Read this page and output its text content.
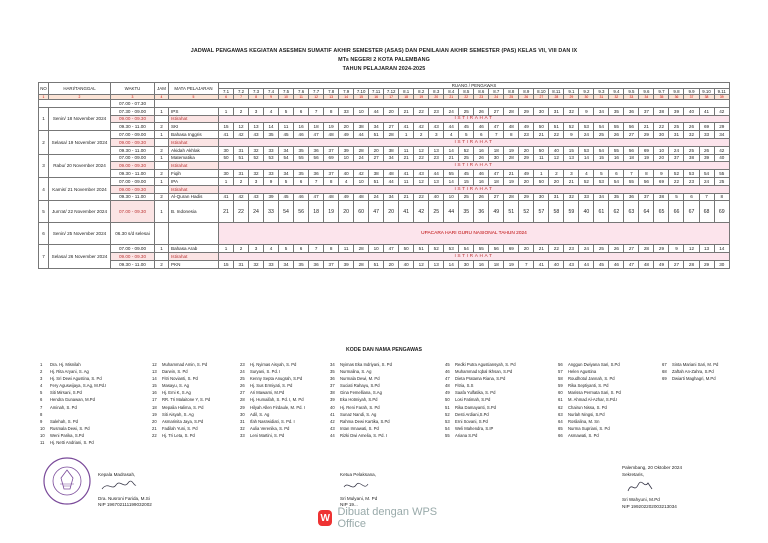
JADWAL PENGAWAS KEGIATAN ASESMEN SUMATIF AKHIR SEMESTER (ASAS) DAN PENILAIAN AKHIR SEMESTER (PAS) KELAS VII, VIII DAN IX
MTs NEGERI 2 KOTA PALEMBANG
TAHUN PELAJARAN 2024-2025
NO	HARI/TANGGAL	WAKTU	JAM	MATA PELAJARAN	RUANG / PENGAWAS																																	
					7.1	7.2	7.3	7.4	7.5	7.6	7.7	7.8	7.9	7.10	7.11	7.12	8.1	8.2	8.3	8.4	8.5	8.6	8.7	8.8	8.9	8.10	8.11	9.1	9.2	9.3	9.4	9.5	9.6	9.7	9.8	9.9	9.10	9.11
1	2	3	4	5	6	7	8	9	10	11	12	13	14	15	16	17	18	19	20	21	22	23	24	25	26	27	28	29	30	31	32	33	34	35	36	37	38	39
		07.00 - 07.30																																				
1	Senin/ 18 November 2024	07.30 - 09.00	1	IPS	1	2	3	4	5	6	7	8	33	10	44	20	21	22	23	24	25	26	27	28	29	30	31	32	9	34	35	36	37	38	39	40	41	42
		09.00 - 09.30		Istirahat	ISTIRAHAT																																	
		09.30 - 11.00	2	SKI	15	12	13	14	11	16	18	19	20	38	34	27	41	42	43	44	45	46	47	48	49	50	51	52	53	54	55	56	21	22	25	26	69	29
2	Selasa/ 19 November 2024	07.00 - 09.00	1	Bahasa Inggris	41	42	43	35	45	46	47	48	49	44	51	28	1	2	3	4	5	6	7	8	23	21	22	9	24	25	26	27	29	30	31	32	33	34
		09.00 - 09.30		Istirahat	ISTIRAHAT																																	
		09.30 - 11.00	2	Akidah Akhlak	30	31	32	33	34	35	36	37	39	28	20	38	11	12	13	14	52	16	18	19	20	50	40	15	53	54	55	56	69	10	24	25	26	42
3	Rabu/ 20 November 2024	07.00 - 09.00	1	Matematika	50	51	52	53	54	55	56	69	10	24	27	34	21	22	23	21	25	26	30	28	29	11	12	13	14	15	16	18	19	20	37	38	39	40
		09.00 - 09.30		Istirahat	ISTIRAHAT																																	
		09.30 - 11.00	2	Fiqih	30	31	32	33	34	35	36	37	40	42	38	48	41	43	44	55	45	46	47	21	49	1	2	3	4	5	6	7	8	9	52	53	54	55
4	Kamis/ 21 November 2024	07.00 - 09.00	1	IPA	1	2	3	9	5	6	7	8	4	10	51	44	11	12	13	14	15	16	18	19	20	50	20	21	52	53	54	55	56	69	22	23	24	25
		09.00 - 09.30		Istirahat	ISTIRAHAT																																	
		09.30 - 11.00	2	Al-Quran Hadis	41	42	43	39	45	46	47	48	49	48	24	34	21	22	40	10	25	26	27	28	29	30	31	32	33	34	35	36	37	38	5	6	7	8
5	Jum'at/ 22 November 2024	07.00 - 09.30	1	B. Indonesia	21	22	24	33	54	56	18	19	20	60	47	20	41	42	25	44	35	36	49	51	52	57	58	59	40	61	62	63	64	65	66	67	68	69
6	Senin/ 25 November 2024	06.30 s/d selesai			UPACARA HARI GURU NASIONAL TAHUN 2024																																	
7	Selasa/ 26 November 2024	07.00 - 09.00	1	Bahasa Arab	1	2	3	4	5	6	7	8	11	28	10	47	50	51	52	53	54	55	56	69	20	21	22	23	24	25	26	27	28	29	9	12	13	14
		09.00 - 09.30		Istirahat	ISTIRAHAT																																	
		09.30 - 11.00	2	PKN	15	31	32	33	34	35	36	37	39	28	51	20	40	12	13	14	30	16	18	19	7	41	40	43	44	45	46	47	48	49	27	28	29	30
KODE DAN NAMA PENGAWAS
1 Dra. Hj. Misnilah
2 Hj. Rita Aryani, S. Ag
3 Hj. Sri Dewi Agustina, S. Pd
4 Fery Aguswijaya, S.Ag, M.Pd.I
5 Siti Mirsani, S.Pd
6 Hendra Gunawan, M.Pd
7 Aminah, S. Pd
8
9 Salehah, S. Pd
10 Rusmala Dewi, S. Pd
10 Weni Parika, S.Pd
11 Hj. Netti Andriani, S. Pd
12 Muhammad Amin, S. Pd
13 Darwin, S. Pd
14 Fitri Novianti, S. Pd
15 Masayu, S. Ag
16 Hj. Emi K, S.Ag
17 RR. Tri Malaitone Y, S. Pd
18 Mepalia Halima, S. Pd
19 Siti Aisyah, S. Ag
20 Asmarinita Jaya, S.Pd
21 Fadilah Yuni, S. Pd
22 Hj. Tri Leta, S. Pd
23 Hj. Nyimas Aisyah, S. Pd
24 Suryani, S. Pd. I
25 Kenny Septa Anugrah, S.Pd
26 Hj. Sus Ermiyati, S. Pd
27 Ari Mawarni, M.Pd
28 Hj. Humaifah, S. Pd. I, M. Pd
29 Hilyah Allen Firdaule, M. Pd. I
30 Adil, S. Ag
31 Ifah Nasrwidiati, S. Pd. I
32 Aulia Verenika, S. Pd
33 Leni Martini, S. Pd
34 Nyimas Eka Indriyani, S. Pd
35 Nurmalina, S. Ag
36 Nurmala Dewi, M. Pd
37 Suciati Rahayu, S.Pd
38 Gina Femelliana, S.Ag
39 Eka Hotmiyah, S.Pd
40 Hj. Reni Farah, S. Pd
41 Sunaz Nandi, S. Ag
42 Rahma Dewi Kartika, S.Pd
43 Intan Irmawati, S. Pd
44 Rizki Dwi Amelia, S. Pd. I
45 Redki Putra Agustiansyah, S. Pd
46 Muhammad Iqbal Ikhsan, S.Pd
47 Dieta Pratama Riana, S.Pd
48 Fitria, S.S
49 Saafa Yulfatika, S. Pd
50 Losi Fatimah, S.Pd
51 Rika Damayanti, S.Pd
52 Desti Ardiani,S.Pd
53 Erni Sovani, S.Pd
54 Weli Mahendra, S.IP
55 Ariana S.Pd
56 Anggun Dwiyana Sari, S.Pd
57 Helen Agustina
58 Roudhotul Jannah, S. Pd
59 Rika Septiyanti, S. Pd
60 Marissa Permata Sari, S. Pd
61 M. Ahmad Al-Azhar, S.Pd.I
62 Chairun Nissa, S. Pd
63 Nurlah Ningsi, S.Pd
64 Roslialina, M. Sn
65 Nurma Supriani, S. Pd
66 Asmawati, S. Pd
67 Sinta Mariani Sari, M. Pd
68 Zaftah An-Zahra, S.Pd
69 Dwiarti Maghagri, M.Pd
Kepala Madrasah,
Dra. Nusroni Farida, M.Si
NIP 196702111199032002
Ketua Pelaksana,
Sri Mulyani, M. Pd
NIP 19...
Palembang, 20 Oktober 2024
Sekretaris,
Sri Wahyuni, M.Pd
NIP 199202202003213034
W Dibuat dengan WPS Office
